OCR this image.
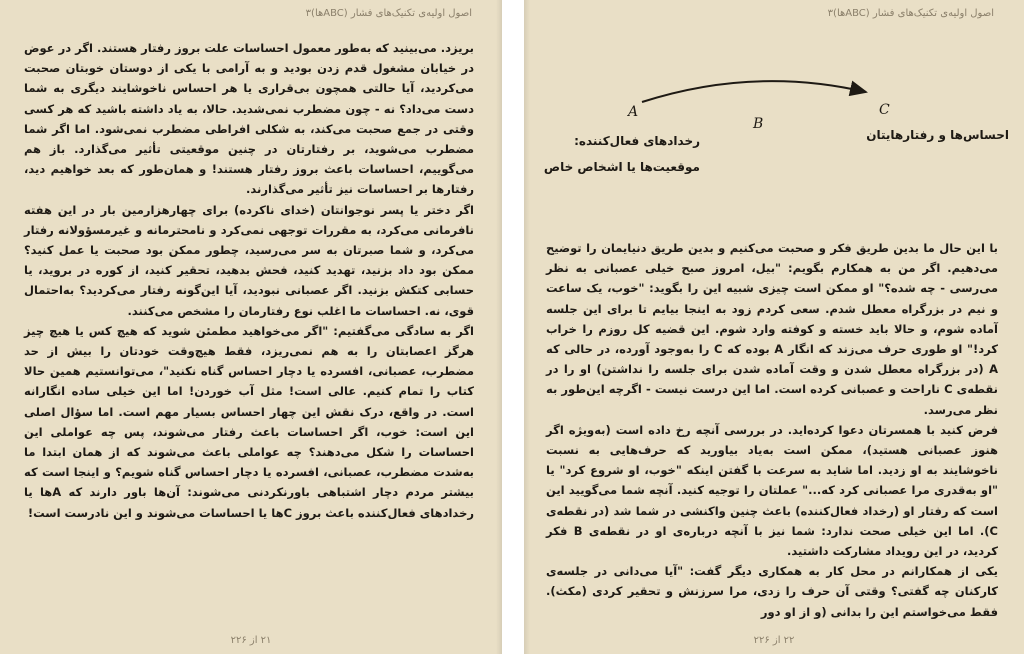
اصول اولیه‌ی تکنیک‌های فشار (ABCها)۳

بریزد. می‌بینید که به‌طور معمول احساسات علت بروز رفتار هستند. اگر در عوض در خیابان مشغول قدم زدن بودید و به آرامی با یکی از دوستان خوبتان صحبت می‌کردید، آیا حالتی همچون بی‌قراری یا هر احساس ناخوشایند دیگری به شما دست می‌داد؟ نه - چون مضطرب نمی‌شدید. حالا، به یاد داشته باشید که هر کسی وقتی در جمع صحبت می‌کند، به شکلی افراطی مضطرب نمی‌شود. اما اگر شما مضطرب می‌شوید، بر رفتارتان در چنین موقعیتی تأثیر می‌گذارد. باز هم می‌گوییم، احساسات باعث بروز رفتار هستند! و همان‌طور که بعد خواهیم دید، رفتارها بر احساسات نیز تأثیر می‌گذارند.

اگر دختر یا پسر نوجوانتان (خدای ناکرده) برای چهارهزارمین بار در این هفته نافرمانی می‌کرد، به مقررات توجهی نمی‌کرد و نامحترمانه و غیرمسؤولانه رفتار می‌کرد، و شما صبرتان به سر می‌رسید، چطور ممکن بود صحبت یا عمل کنید؟ ممکن بود داد بزنید، تهدید کنید، فحش بدهید، تحقیر کنید، از کوره در بروید، یا حسابی کتکش بزنید. اگر عصبانی نبودید، آیا این‌گونه رفتار می‌کردید؟ به‌احتمال قوی، نه. احساسات ما اغلب نوع رفتارمان را مشخص می‌کنند.

اگر به سادگی می‌گفتیم: "اگر می‌خواهید مطمئن شوید که هیچ کس یا هیچ چیز هرگز اعصابتان را به هم نمی‌ریزد، فقط هیچ‌وقت خودتان را بیش از حد مضطرب، عصبانی، افسرده یا دچار احساس گناه نکنید"، می‌توانستیم همین حالا کتاب را تمام کنیم. عالی است! مثل آب خوردن! اما این خیلی ساده انگارانه است. در واقع، درک نقش این چهار احساس بسیار مهم است. اما سؤال اصلی این است: خوب، اگر احساسات باعث رفتار می‌شوند، پس چه عواملی این احساسات را شکل می‌دهند؟ چه عواملی باعث می‌شوند که از همان ابتدا ما به‌شدت مضطرب، عصبانی، افسرده یا دچار احساس گناه شویم؟ و اینجا است که بیشتر مردم دچار اشتباهی باورنکردنی می‌شوند: آن‌ها باور دارند که Aها یا رخدادهای فعال‌کننده باعث بروز Cها یا احساسات می‌شوند و این نادرست است!

۲۱ از ۲۲۶
اصول اولیه‌ی تکنیک‌های فشار (ABCها)۳
A
B
C
رخدادهای فعال‌کننده:
موقعیت‌ها یا اشخاص خاص
احساس‌ها و رفتارهایتان

با این حال ما بدین طریق فکر و صحبت می‌کنیم و بدین طریق دنیایمان را توضیح می‌دهیم. اگر من به همکارم بگویم: "بیل، امروز صبح خیلی عصبانی به نظر می‌رسی - چه شده؟" او ممکن است چیزی شبیه این را بگوید: "خوب، یک ساعت و نیم در بزرگراه معطل شدم. سعی کردم زود به اینجا بیایم تا برای این جلسه آماده شوم، و حالا باید خسته و کوفته وارد شوم. این قضیه کل روزم را خراب کرد!" او طوری حرف می‌زند که انگار A بوده که C را به‌وجود آورده، در حالی که A (در بزرگراه معطل شدن و وقت آماده شدن برای جلسه را نداشتن) او را در نقطه‌ی C ناراحت و عصبانی کرده است. اما این درست نیست - اگرچه این‌طور به نظر می‌رسد.

فرض کنید با همسرتان دعوا کرده‌اید. در بررسی آنچه رخ داده است (به‌ویژه اگر هنوز عصبانی هستید)، ممکن است به‌یاد بیاورید که حرف‌هایی به نسبت ناخوشایند به او زدید. اما شاید به سرعت با گفتن اینکه "خوب، او شروع کرد" یا "او به‌قدری مرا عصبانی کرد که..." عملتان را توجیه کنید. آنچه شما می‌گویید این است که رفتار او (رخداد فعال‌کننده) باعث چنین واکنشی در شما شد (در نقطه‌ی C). اما این خیلی صحت ندارد: شما نیز با آنچه درباره‌ی او در نقطه‌ی B فکر کردید، در این رویداد مشارکت داشتید.

یکی از همکارانم در محل کار به همکاری دیگر گفت: "آیا می‌دانی در جلسه‌ی کارکنان چه گفتی؟ وقتی آن حرف را زدی، مرا سرزنش و تحقیر کردی (مکث). فقط می‌خواستم این را بدانی (و از او دور

۲۲ از ۲۲۶
